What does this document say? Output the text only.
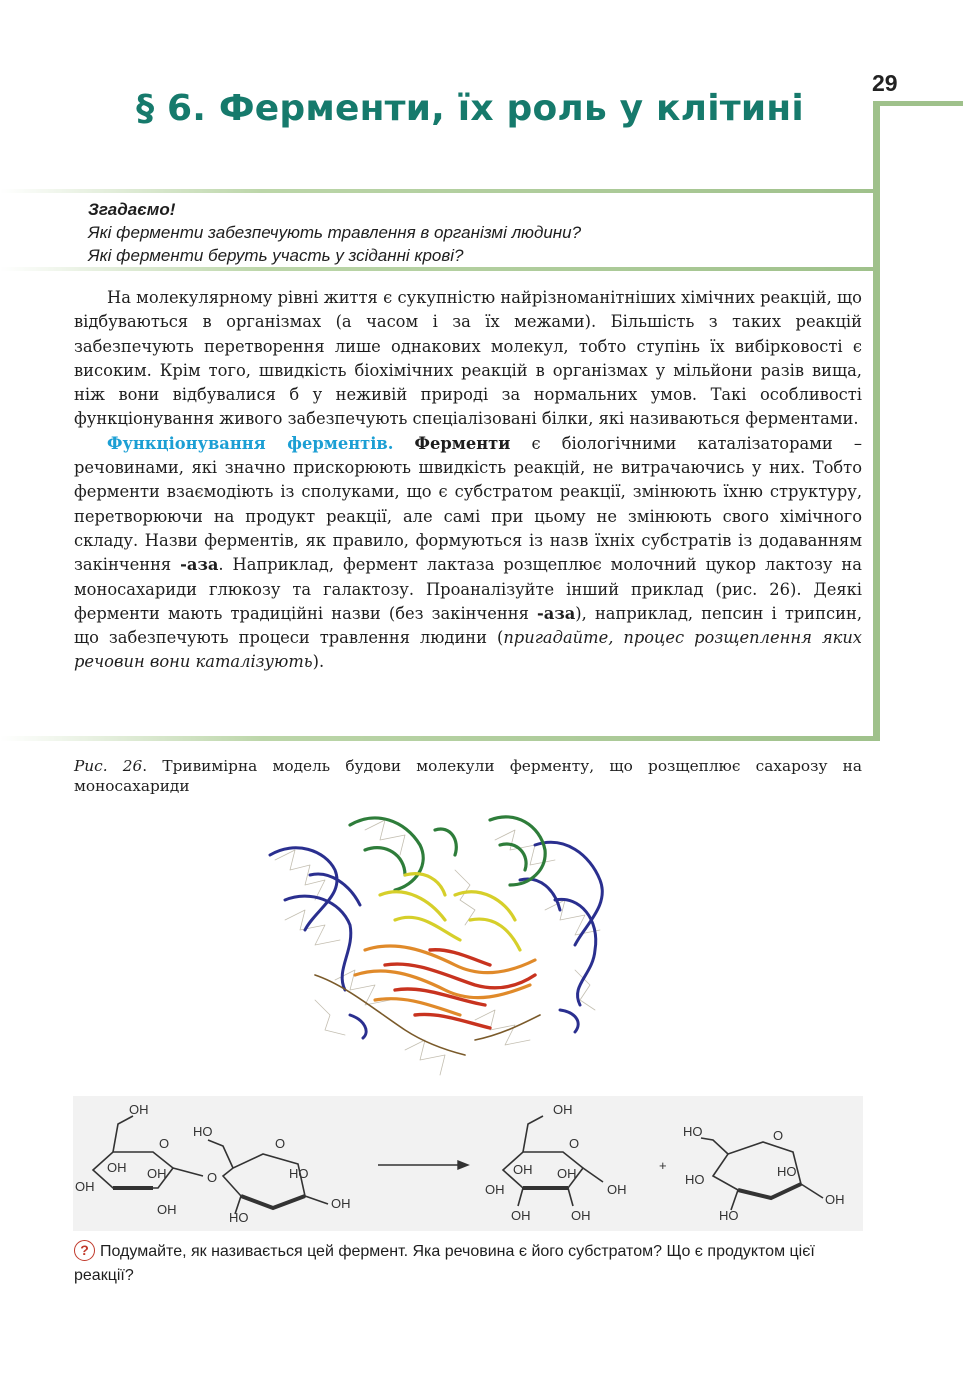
29
§ 6. Ферменти, їх роль у клітині
Згадаємо!
Які ферменти забезпечують травлення в організмі людини?
Які ферменти беруть участь у зсіданні крові?

На молекулярному рівні життя є сукупністю найрізноманітніших хімічних реакцій, що відбуваються в організмах (а часом і за їх межами). Більшість з таких реакцій забезпечують перетворення лише однакових молекул, тобто ступінь їх вибірковості є високим. Крім того, швидкість біохімічних реакцій в організмах у мільйони разів вища, ніж вони відбувалися б у неживій природі за нормальних умов. Такі особливості функціонування живого забезпечують спеціалізовані білки, які називаються ферментами.

Функціонування ферментів. Ферменти є біологічними каталізаторами – речовинами, які значно прискорюють швидкість реакцій, не витрачаючись у них. Тобто ферменти взаємодіють із сполуками, що є субстратом реакції, змінюють їхню структуру, перетворюючи на продукт реакції, але самі при цьому не змінюють свого хімічного складу. Назви ферментів, як правило, формуються із назв їхніх субстратів із додаванням закінчення -аза. Наприклад, фермент лактаза розщеплює молочний цукор лактозу на моносахариди глюкозу та галактозу. Проаналізуйте інший приклад (рис. 26). Деякі ферменти мають традиційні назви (без закінчення -аза), наприклад, пепсин і трипсин, що забезпечують процеси травлення людини (пригадайте, процес розщеплення яких речовин вони каталізують).

Рис. 26. Тривимірна модель будови молекули ферменту, що розщеплює сахарозу на моносахариди
OH
O
OH
OH OH
OH
O
HO
O
HO
HO
OH
OH
O
OH OH
OH	OH
OH	OH
+
HO	O
HO
HO
OH
HO
? Подумайте, як називається цей фермент. Яка речовина є його субстратом? Що є продуктом цієї реакції?
